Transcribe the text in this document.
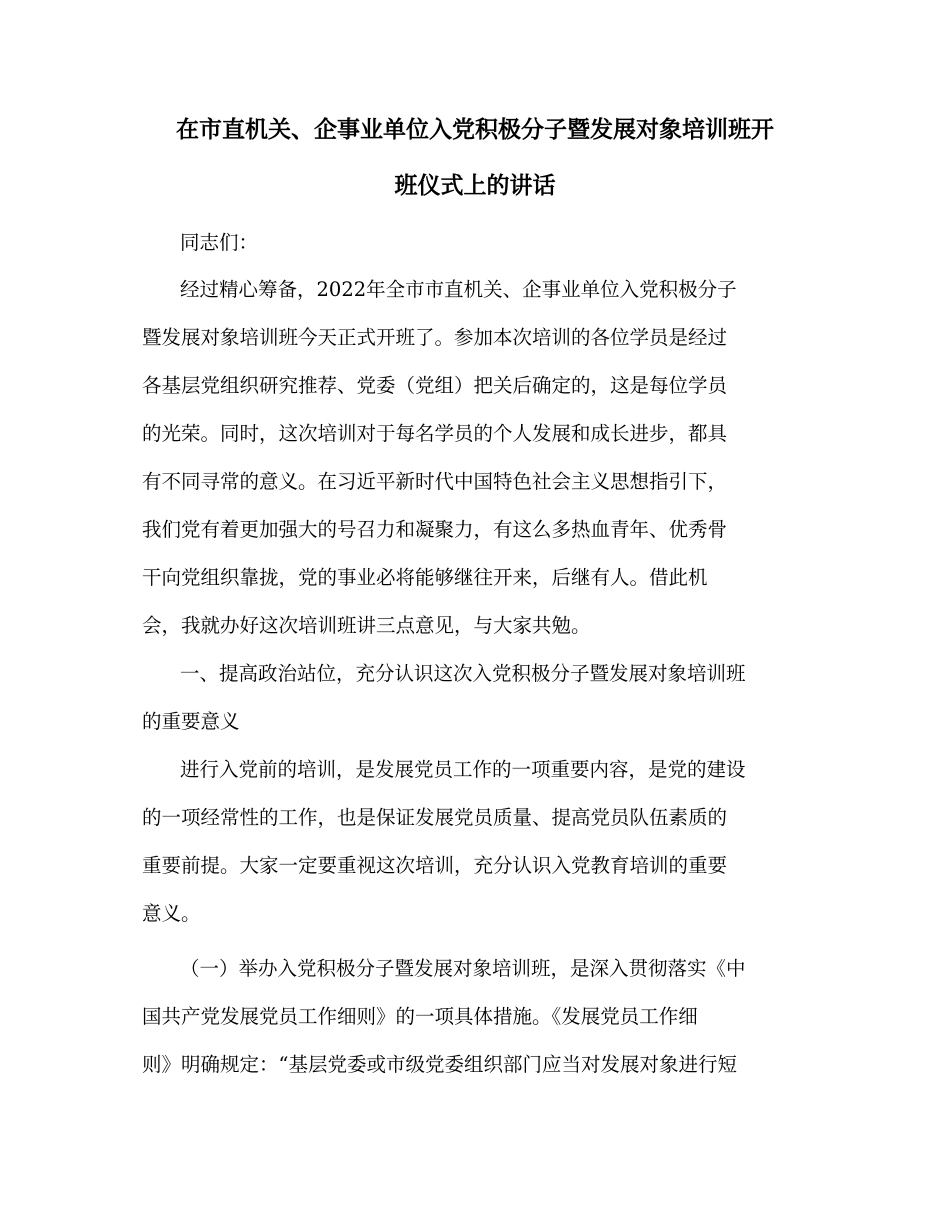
在市直机关、企事业单位入党积极分子暨发展对象培训班开
班仪式上的讲话
同志们：
经过精心筹备，2022年全市市直机关、企事业单位入党积极分子
暨发展对象培训班今天正式开班了。参加本次培训的各位学员是经过
各基层党组织研究推荐、党委（党组）把关后确定的，这是每位学员
的光荣。同时，这次培训对于每名学员的个人发展和成长进步，都具
有不同寻常的意义。在习近平新时代中国特色社会主义思想指引下，
我们党有着更加强大的号召力和凝聚力，有这么多热血青年、优秀骨
干向党组织靠拢，党的事业必将能够继往开来，后继有人。借此机
会，我就办好这次培训班讲三点意见，与大家共勉。
一、提高政治站位，充分认识这次入党积极分子暨发展对象培训班
的重要意义
进行入党前的培训，是发展党员工作的一项重要内容，是党的建设
的一项经常性的工作，也是保证发展党员质量、提高党员队伍素质的
重要前提。大家一定要重视这次培训，充分认识入党教育培训的重要
意义。
（一）举办入党积极分子暨发展对象培训班，是深入贯彻落实《中
国共产党发展党员工作细则》的一项具体措施。《发展党员工作细
则》明确规定：“基层党委或市级党委组织部门应当对发展对象进行短
